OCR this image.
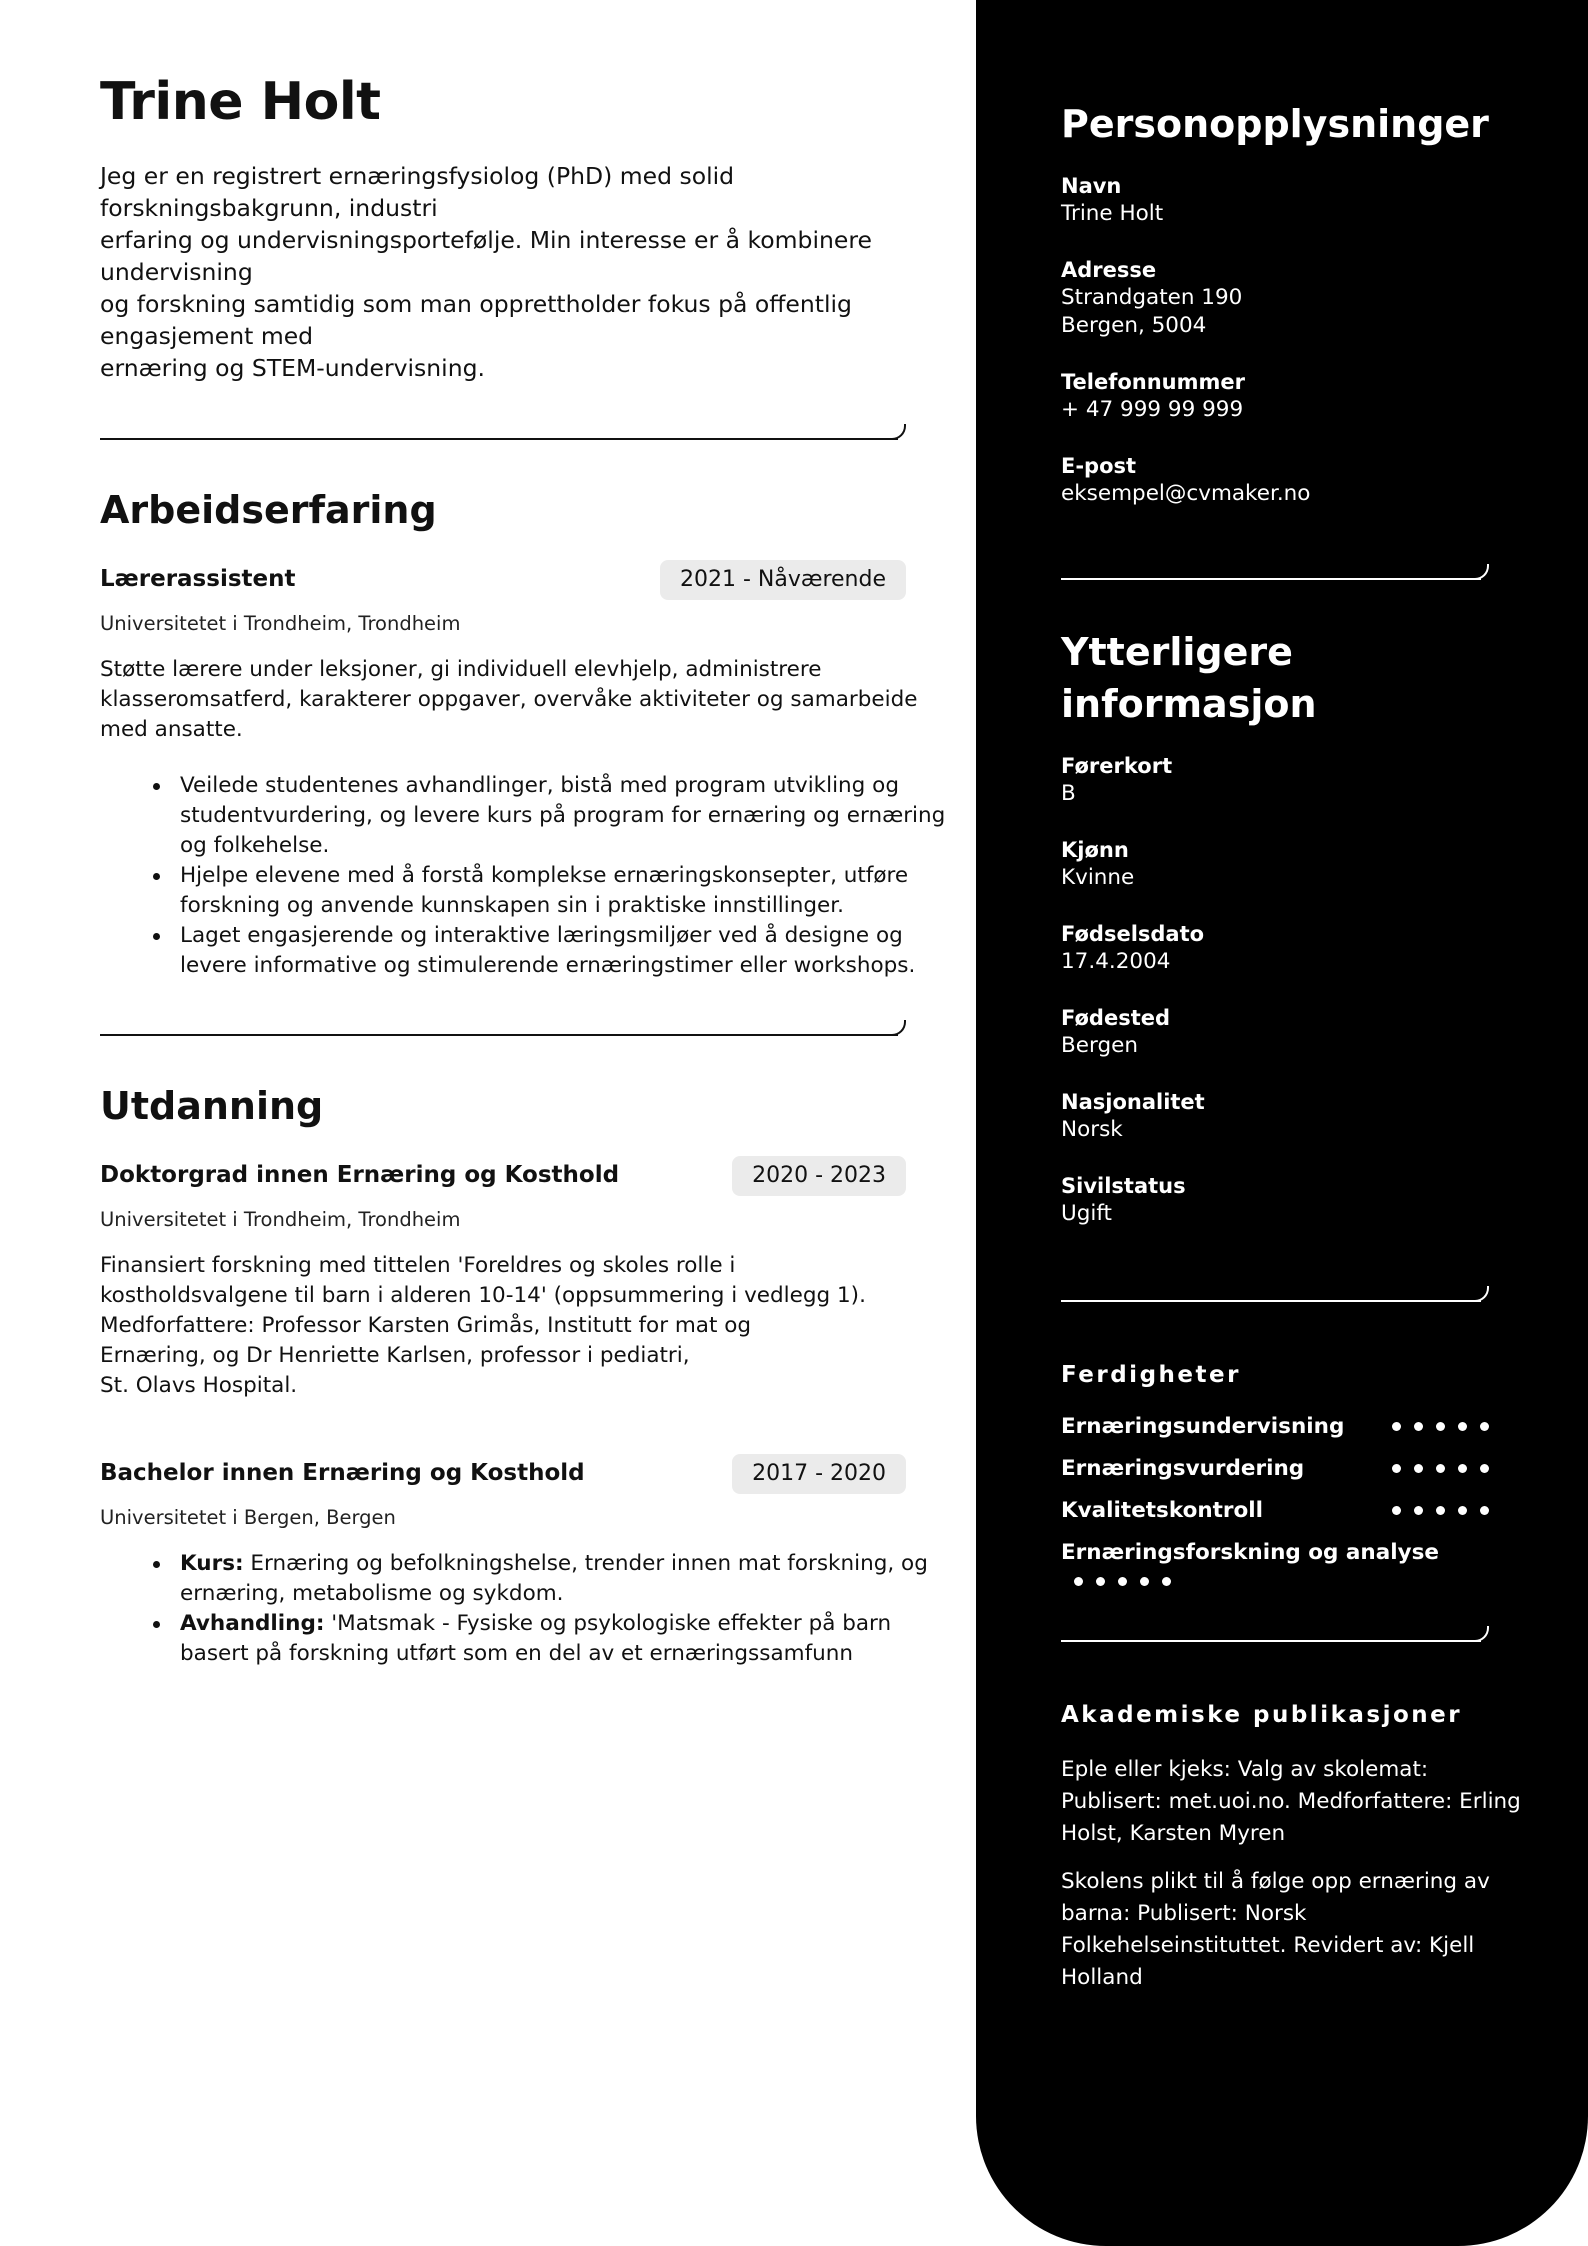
Trine Holt
Jeg er en registrert ernæringsfysiolog (PhD) med solid
forskningsbakgrunn, industri
erfaring og undervisningsportefølje. Min interesse er å kombinere
undervisning
og forskning samtidig som man opprettholder fokus på offentlig
engasjement med
ernæring og STEM-undervisning.
Arbeidserfaring
Lærerassistent	2021 - Nåværende
Universitetet i Trondheim, Trondheim
Støtte lærere under leksjoner, gi individuell elevhjelp, administrere
klasseromsatferd, karakterer oppgaver, overvåke aktiviteter og samarbeide
med ansatte.
Veilede studentenes avhandlinger, bistå med program utvikling og
studentvurdering, og levere kurs på program for ernæring og ernæring
og folkehelse.
Hjelpe elevene med å forstå komplekse ernæringskonsepter, utføre
forskning og anvende kunnskapen sin i praktiske innstillinger.
Laget engasjerende og interaktive læringsmiljøer ved å designe og
levere informative og stimulerende ernæringstimer eller workshops.
Utdanning
Doktorgrad innen Ernæring og Kosthold	2020 - 2023
Universitetet i Trondheim, Trondheim
Finansiert forskning med tittelen 'Foreldres og skoles rolle i
kostholdsvalgene til barn i alderen 10-14' (oppsummering i vedlegg 1).
Medforfattere: Professor Karsten Grimås, Institutt for mat og
Ernæring, og Dr Henriette Karlsen, professor i pediatri,
St. Olavs Hospital.
Bachelor innen Ernæring og Kosthold	2017 - 2020
Universitetet i Bergen, Bergen
Kurs: Ernæring og befolkningshelse, trender innen mat forskning, og
ernæring, metabolisme og sykdom.
Avhandling: 'Matsmak - Fysiske og psykologiske effekter på barn
basert på forskning utført som en del av et ernæringssamfunn
Personopplysninger
Navn
Trine Holt
Adresse
Strandgaten 190
Bergen, 5004
Telefonnummer
+ 47 999 99 999
E-post
eksempel@cvmaker.no
Ytterligere
informasjon
Førerkort
B
Kjønn
Kvinne
Fødselsdato
17.4.2004
Fødested
Bergen
Nasjonalitet
Norsk
Sivilstatus
Ugift
Ferdigheter
Ernæringsundervisning
Ernæringsvurdering
Kvalitetskontroll
Ernæringsforskning og analyse
Akademiske publikasjoner
Eple eller kjeks: Valg av skolemat:
Publisert: met.uoi.no. Medforfattere: Erling
Holst, Karsten Myren
Skolens plikt til å følge opp ernæring av
barna: Publisert: Norsk
Folkehelseinstituttet. Revidert av: Kjell
Holland
